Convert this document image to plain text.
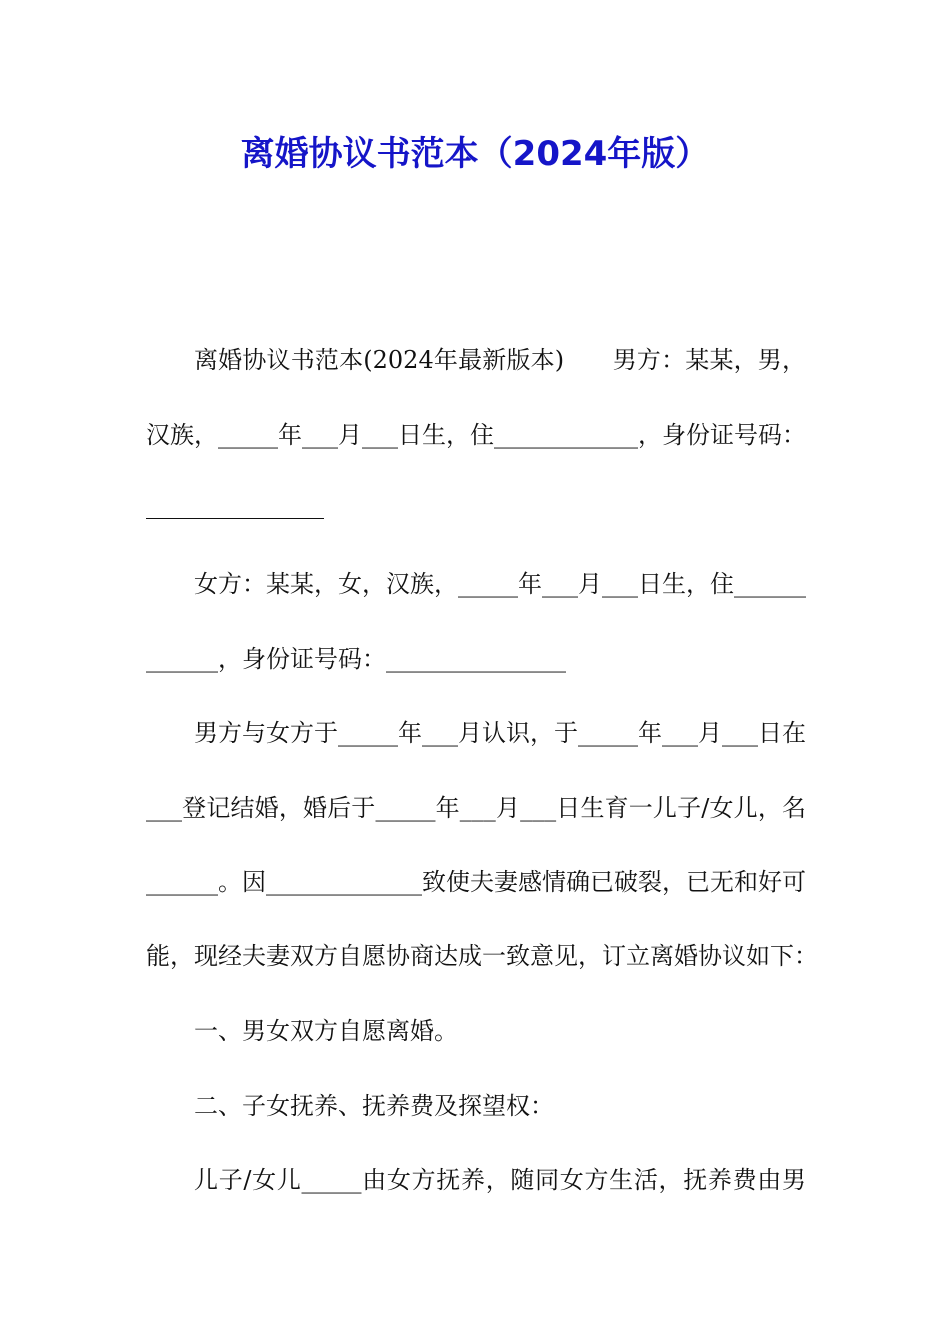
离婚协议书范本（2024年版）

离婚协议书范本(2024年最新版本)　　男方：某某，男，

汉族，_____年___月___日生，住____________，身份证号码：

女方：某某，女，汉族，_____年___月___日生，住______

______，身份证号码：_______________

男方与女方于_____年___月认识，于_____年___月___日在

___登记结婚，婚后于_____年___月___日生育一儿子/女儿，名

______。因_____________致使夫妻感情确已破裂，已无和好可

能，现经夫妻双方自愿协商达成一致意见，订立离婚协议如下：

一、男女双方自愿离婚。

二、子女抚养、抚养费及探望权：

儿子/女儿_____由女方抚养，随同女方生活，抚养费由男
